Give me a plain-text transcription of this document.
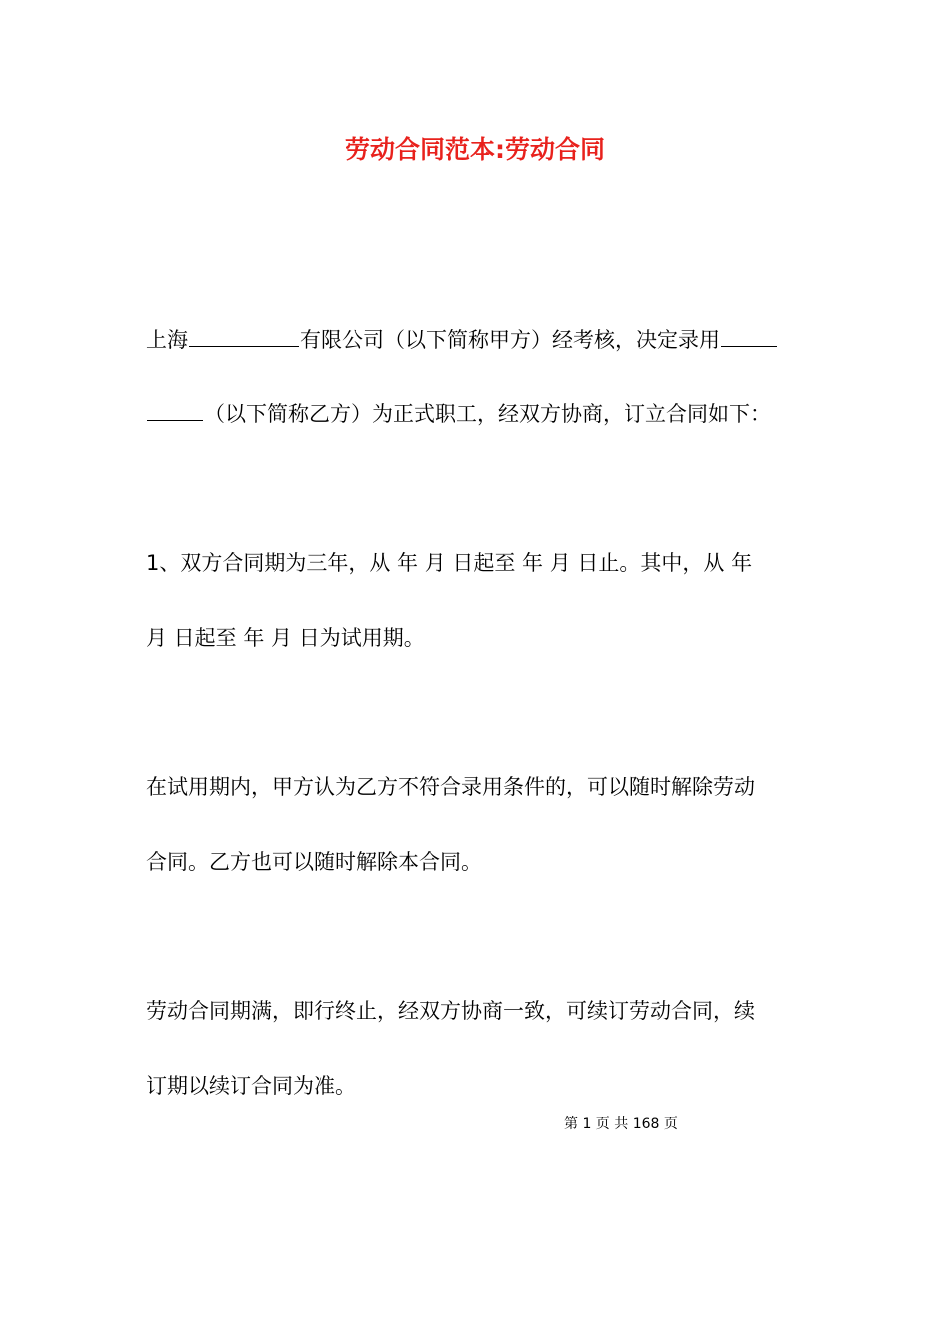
劳动合同范本:劳动合同
上海	有限公司（以下简称甲方）经考核，决定录用
（以下简称乙方）为正式职工，经双方协商，订立合同如下：
1、双方合同期为三年，从 年 月 日起至 年 月 日止。其中，从 年
月 日起至 年 月 日为试用期。
在试用期内，甲方认为乙方不符合录用条件的，可以随时解除劳动
合同。乙方也可以随时解除本合同。
劳动合同期满，即行终止，经双方协商一致，可续订劳动合同，续
订期以续订合同为准。
第 1 页 共 168 页
